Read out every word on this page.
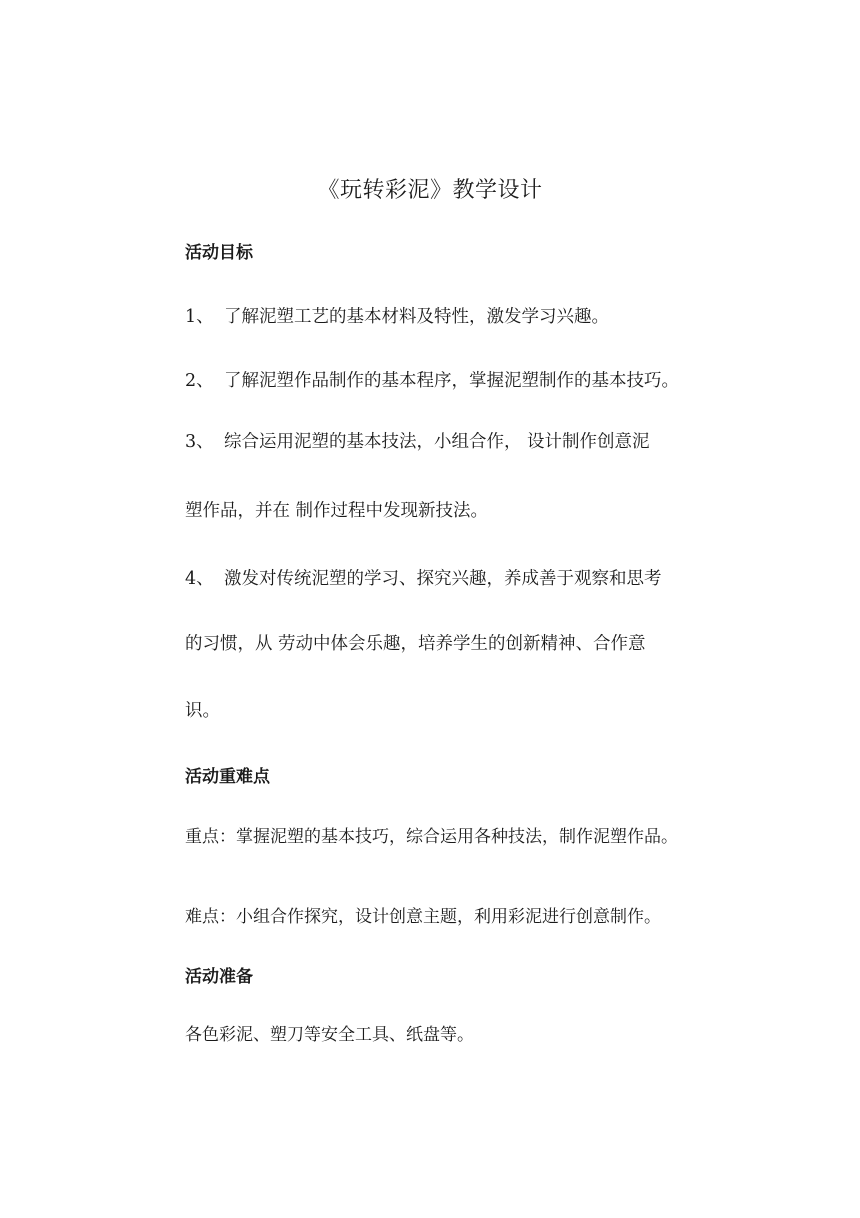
《玩转彩泥》教学设计
活动目标
1、 了解泥塑工艺的基本材料及特性，激发学习兴趣。
2、 了解泥塑作品制作的基本程序，掌握泥塑制作的基本技巧。
3、 综合运用泥塑的基本技法，小组合作， 设计制作创意泥
塑作品，并在 制作过程中发现新技法。
4、 激发对传统泥塑的学习、探究兴趣，养成善于观察和思考
的习惯，从 劳动中体会乐趣，培养学生的创新精神、合作意
识。
活动重难点
重点：掌握泥塑的基本技巧，综合运用各种技法，制作泥塑作品。
难点：小组合作探究，设计创意主题，利用彩泥进行创意制作。
活动准备
各色彩泥、塑刀等安全工具、纸盘等。
